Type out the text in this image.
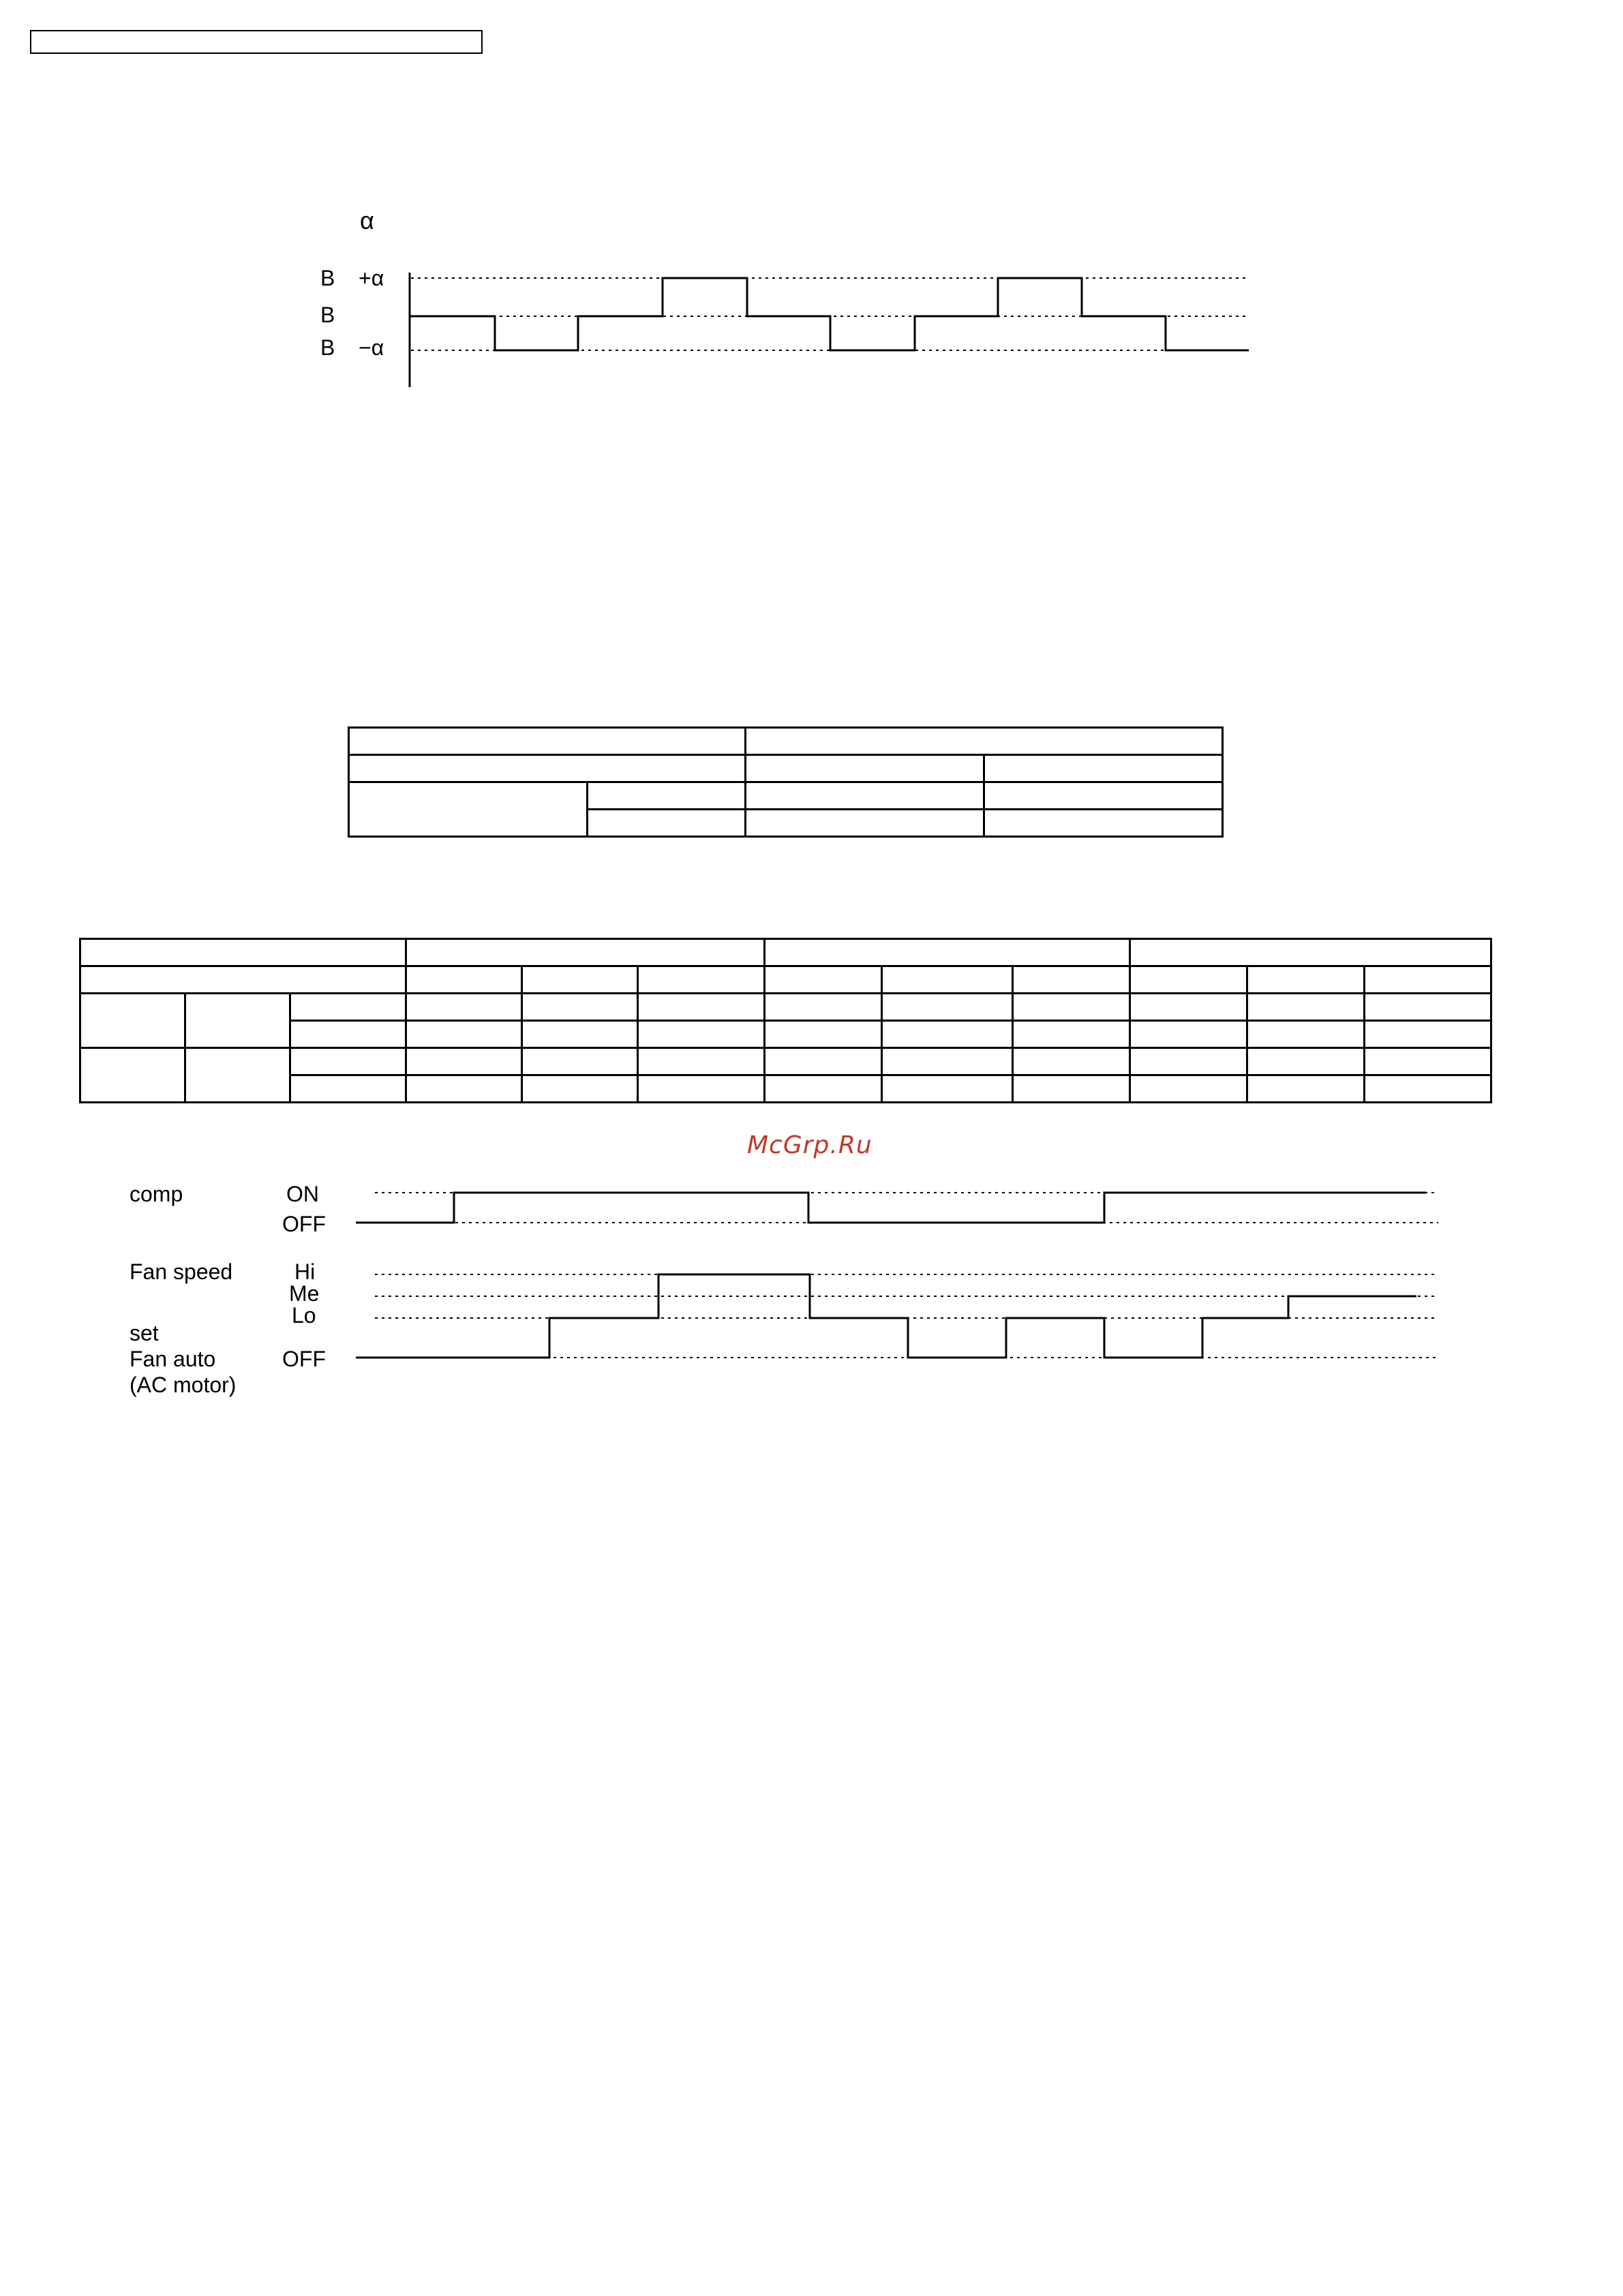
α
B +α
B
B −α

McGrp.Ru
comp	ON
OFF
Fan speed	Hi
Me
Lo
set
Fan auto	OFF
(AC motor)
